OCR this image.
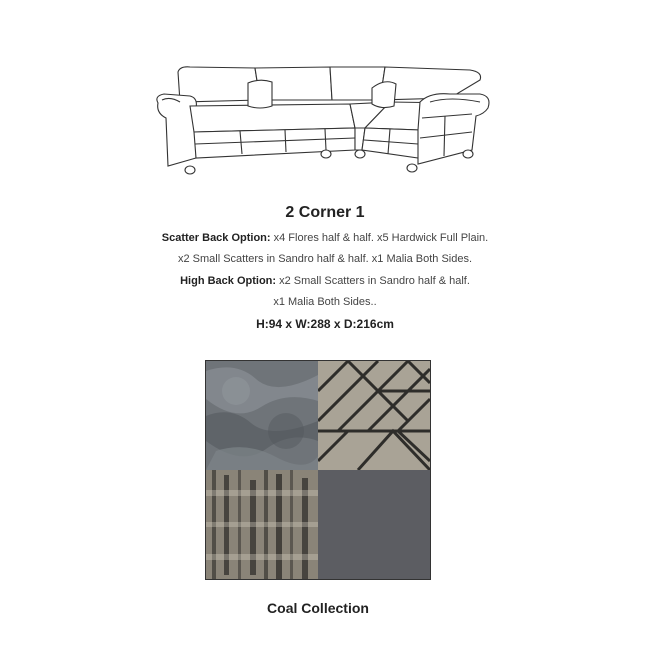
2 Corner 1
Scatter Back Option: x4 Flores half & half. x5 Hardwick Full Plain.
x2 Small Scatters in Sandro half & half. x1 Malia Both Sides.
High Back Option: x2 Small Scatters in Sandro half & half.
x1 Malia Both Sides..
H:94 x W:288 x D:216cm
Coal Collection
